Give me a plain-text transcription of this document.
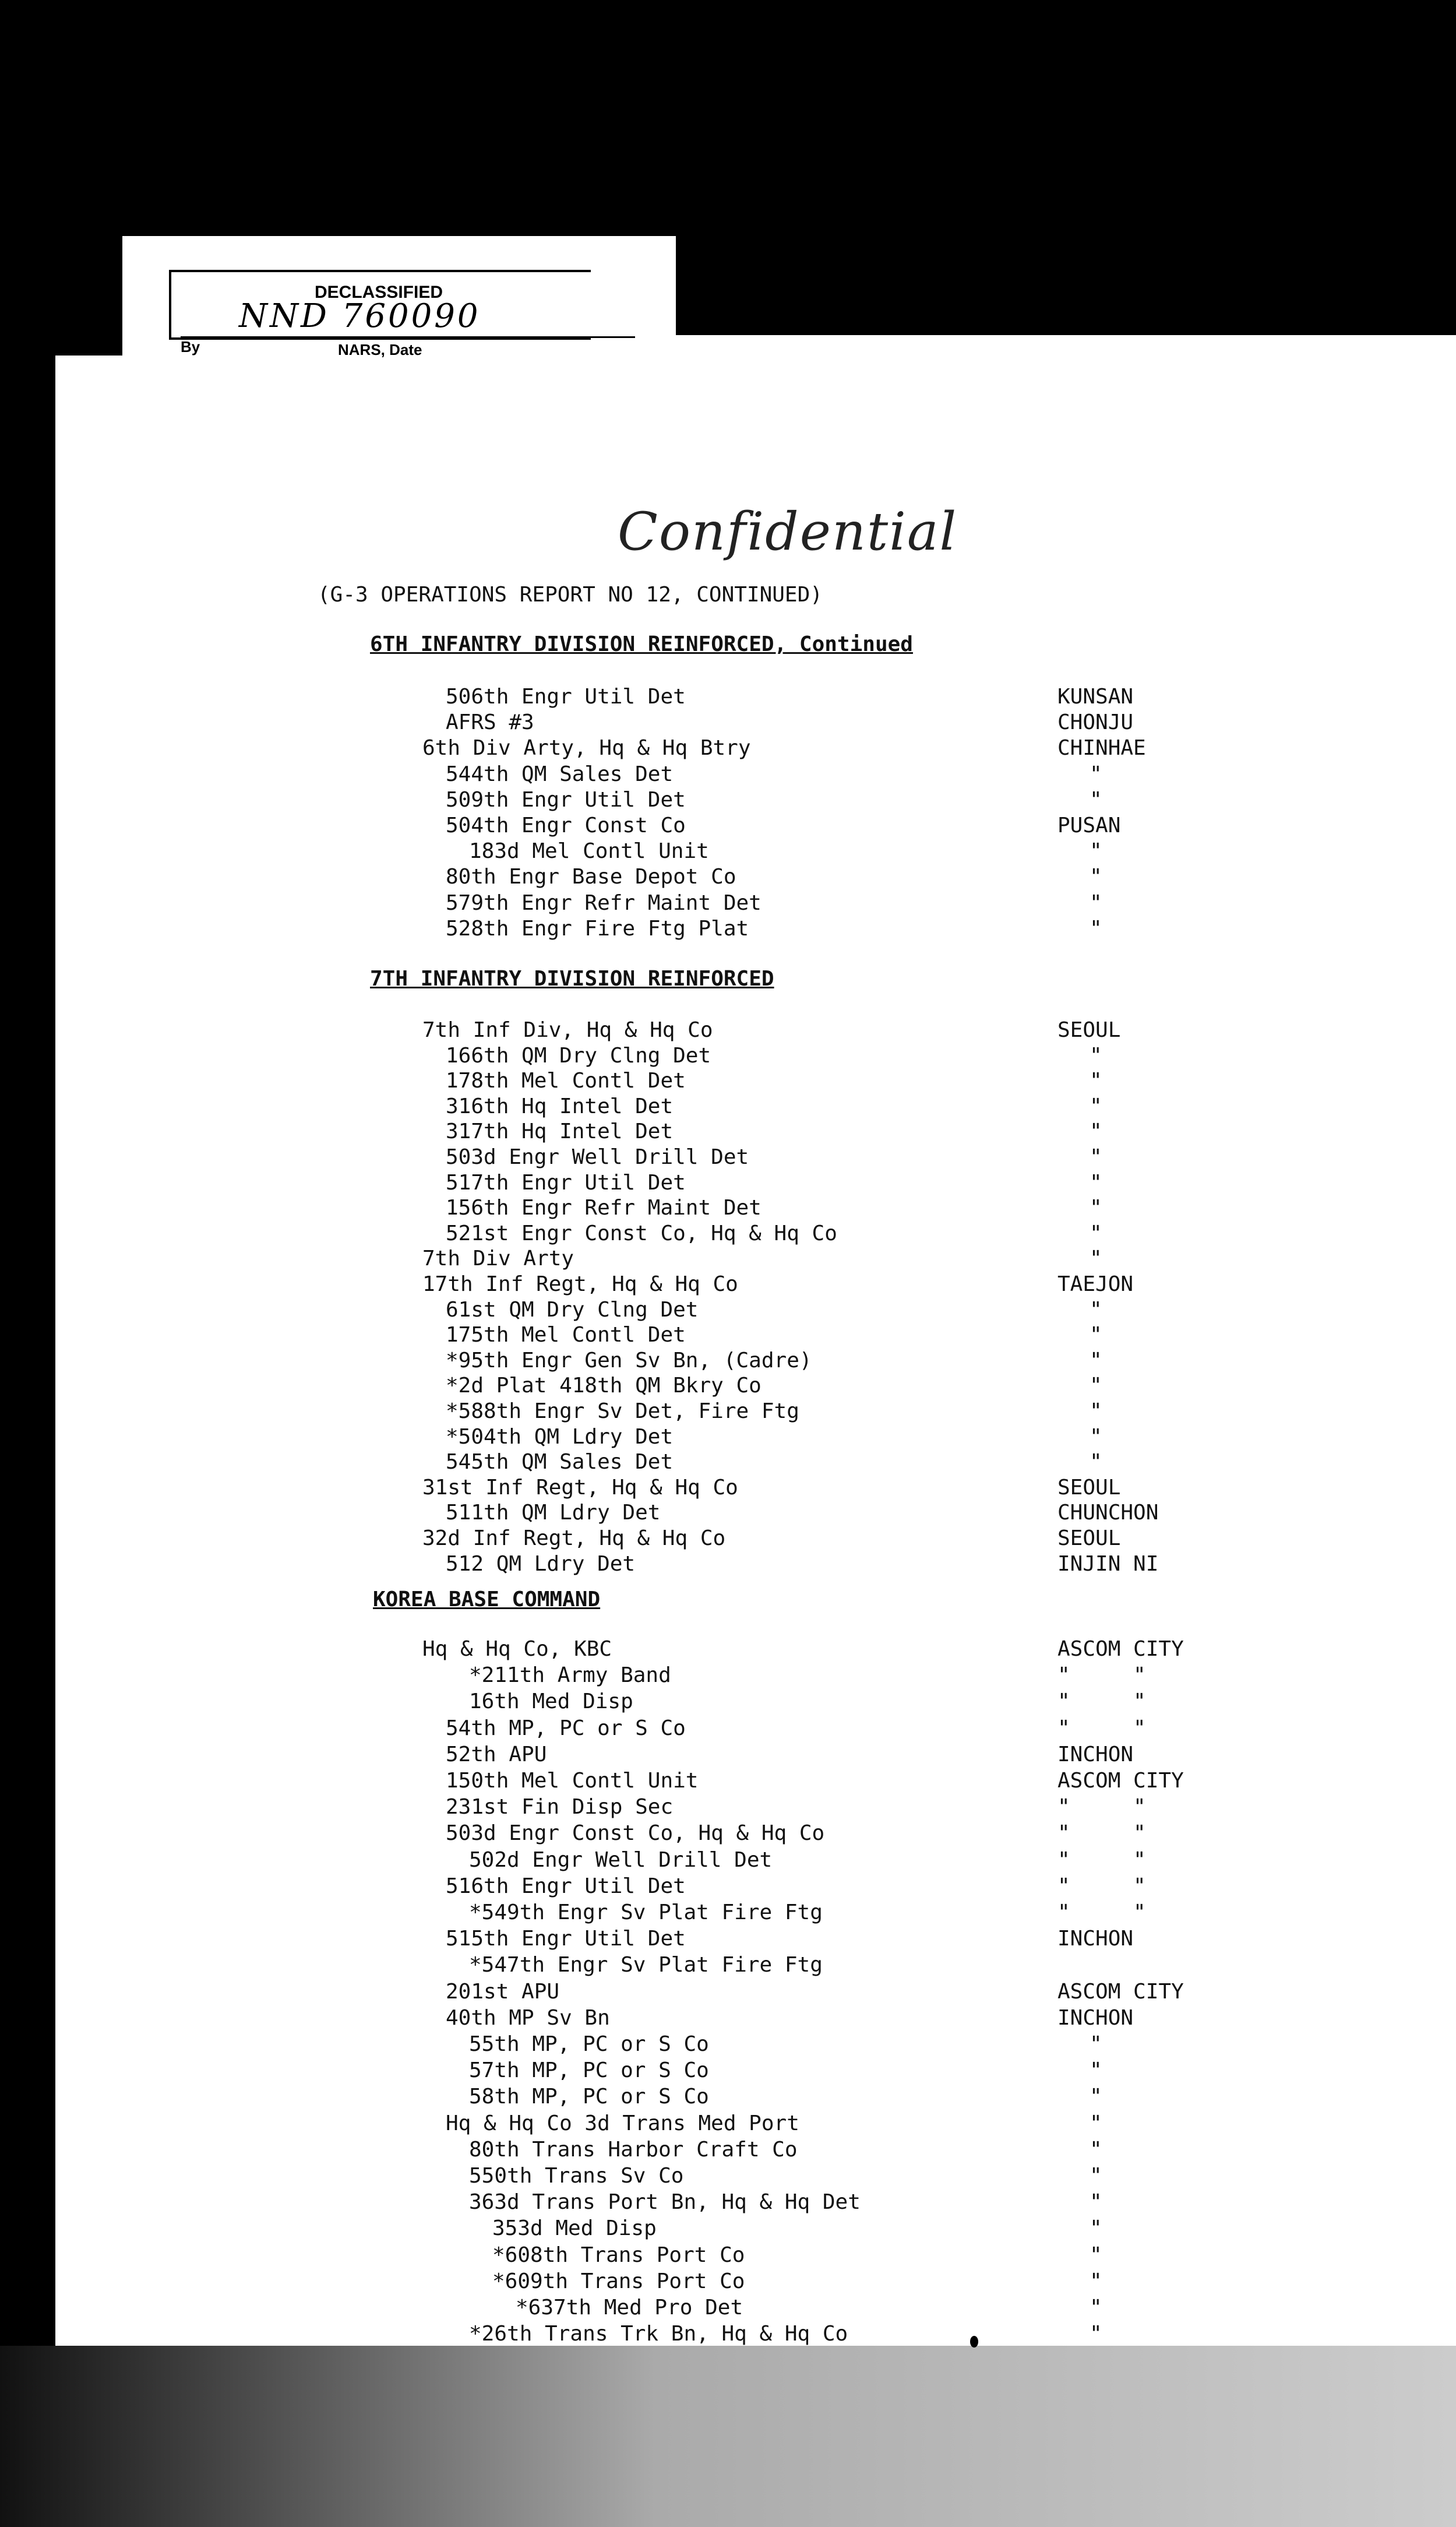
DECLASSIFIED
NND 760090
By	NARS, Date
Confidential
(G-3 OPERATIONS REPORT NO 12, CONTINUED)
6TH INFANTRY DIVISION REINFORCED, Continued
506th Engr Util Det	KUNSAN
AFRS #3	CHONJU
6th Div Arty, Hq & Hq Btry	CHINHAE
544th QM Sales Det	"
509th Engr Util Det	"
504th Engr Const Co	PUSAN
183d Mel Contl Unit	"
80th Engr Base Depot Co	"
579th Engr Refr Maint Det	"
528th Engr Fire Ftg Plat	"
7TH INFANTRY DIVISION REINFORCED
7th Inf Div, Hq & Hq Co	SEOUL
166th QM Dry Clng Det	"
178th Mel Contl Det	"
316th Hq Intel Det	"
317th Hq Intel Det	"
503d Engr Well Drill Det	"
517th Engr Util Det	"
156th Engr Refr Maint Det	"
521st Engr Const Co, Hq & Hq Co	"
7th Div Arty	"
17th Inf Regt, Hq & Hq Co	TAEJON
61st QM Dry Clng Det	"
175th Mel Contl Det	"
*95th Engr Gen Sv Bn, (Cadre)	"
*2d Plat 418th QM Bkry Co	"
*588th Engr Sv Det, Fire Ftg	"
*504th QM Ldry Det	"
545th QM Sales Det	"
31st Inf Regt, Hq & Hq Co	SEOUL
511th QM Ldry Det	CHUNCHON
32d Inf Regt, Hq & Hq Co	SEOUL
512 QM Ldry Det	INJIN NI
KOREA BASE COMMAND
Hq & Hq Co, KBC	ASCOM CITY
*211th Army Band	"     "
16th Med Disp	"     "
54th MP, PC or S Co	"     "
52th APU	INCHON
150th Mel Contl Unit	ASCOM CITY
231st Fin Disp Sec	"     "
503d Engr Const Co, Hq & Hq Co	"     "
502d Engr Well Drill Det	"     "
516th Engr Util Det	"     "
*549th Engr Sv Plat Fire Ftg	"     "
515th Engr Util Det	INCHON
*547th Engr Sv Plat Fire Ftg
201st APU	ASCOM CITY
40th MP Sv Bn	INCHON
55th MP, PC or S Co	"
57th MP, PC or S Co	"
58th MP, PC or S Co	"
Hq & Hq Co 3d Trans Med Port	"
80th Trans Harbor Craft Co	"
550th Trans Sv Co	"
363d Trans Port Bn, Hq & Hq Det	"
353d Med Disp	"
*608th Trans Port Co	"
*609th Trans Port Co	"
*637th Med Pro Det	"
*26th Trans Trk Bn, Hq & Hq Co	"
